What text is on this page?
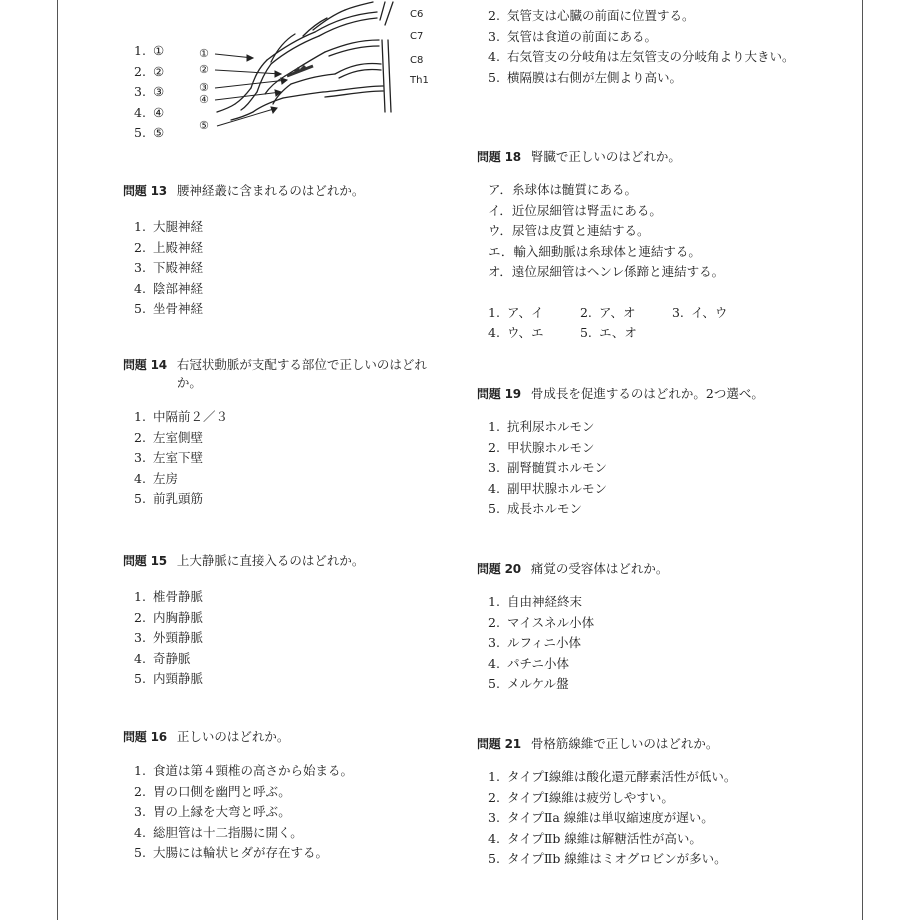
1. ①
2. ②
3. ③
4. ④
5. ⑤
①
②
③
④
⑤
C6
C7
C8
Th1
問題 13 腰神経叢に含まれるのはどれか。
1. 大腿神経
2. 上殿神経
3. 下殿神経
4. 陰部神経
5. 坐骨神経
問題 14 右冠状動脈が支配する部位で正しいのはどれか。
1. 中隔前２／３
2. 左室側壁
3. 左室下壁
4. 左房
5. 前乳頭筋
問題 15 上大静脈に直接入るのはどれか。
1. 椎骨静脈
2. 内胸静脈
3. 外頸静脈
4. 奇静脈
5. 内頸静脈
問題 16 正しいのはどれか。
1. 食道は第４頸椎の高さから始まる。
2. 胃の口側を幽門と呼ぶ。
3. 胃の上縁を大弯と呼ぶ。
4. 総胆管は十二指腸に開く。
5. 大腸には輪状ヒダが存在する。
2. 気管支は心臓の前面に位置する。
3. 気管は食道の前面にある。
4. 右気管支の分岐角は左気管支の分岐角より大きい。
5. 横隔膜は右側が左側より高い。
問題 18 腎臓で正しいのはどれか。
ア．糸球体は髄質にある。
イ．近位尿細管は腎盂にある。
ウ．尿管は皮質と連結する。
エ．輸入細動脈は糸球体と連結する。
オ．遠位尿細管はヘンレ係蹄と連結する。
1. ア、イ	2. ア、オ	3. イ、ウ
4. ウ、エ	5. エ、オ
問題 19 骨成長を促進するのはどれか。2つ選べ。
1. 抗利尿ホルモン
2. 甲状腺ホルモン
3. 副腎髄質ホルモン
4. 副甲状腺ホルモン
5. 成長ホルモン
問題 20 痛覚の受容体はどれか。
1. 自由神経終末
2. マイスネル小体
3. ルフィニ小体
4. パチニ小体
5. メルケル盤
問題 21 骨格筋線維で正しいのはどれか。
1. タイプⅠ線維は酸化還元酵素活性が低い。
2. タイプⅠ線維は疲労しやすい。
3. タイプⅡa 線維は単収縮速度が遅い。
4. タイプⅡb 線維は解糖活性が高い。
5. タイプⅡb 線維はミオグロビンが多い。
